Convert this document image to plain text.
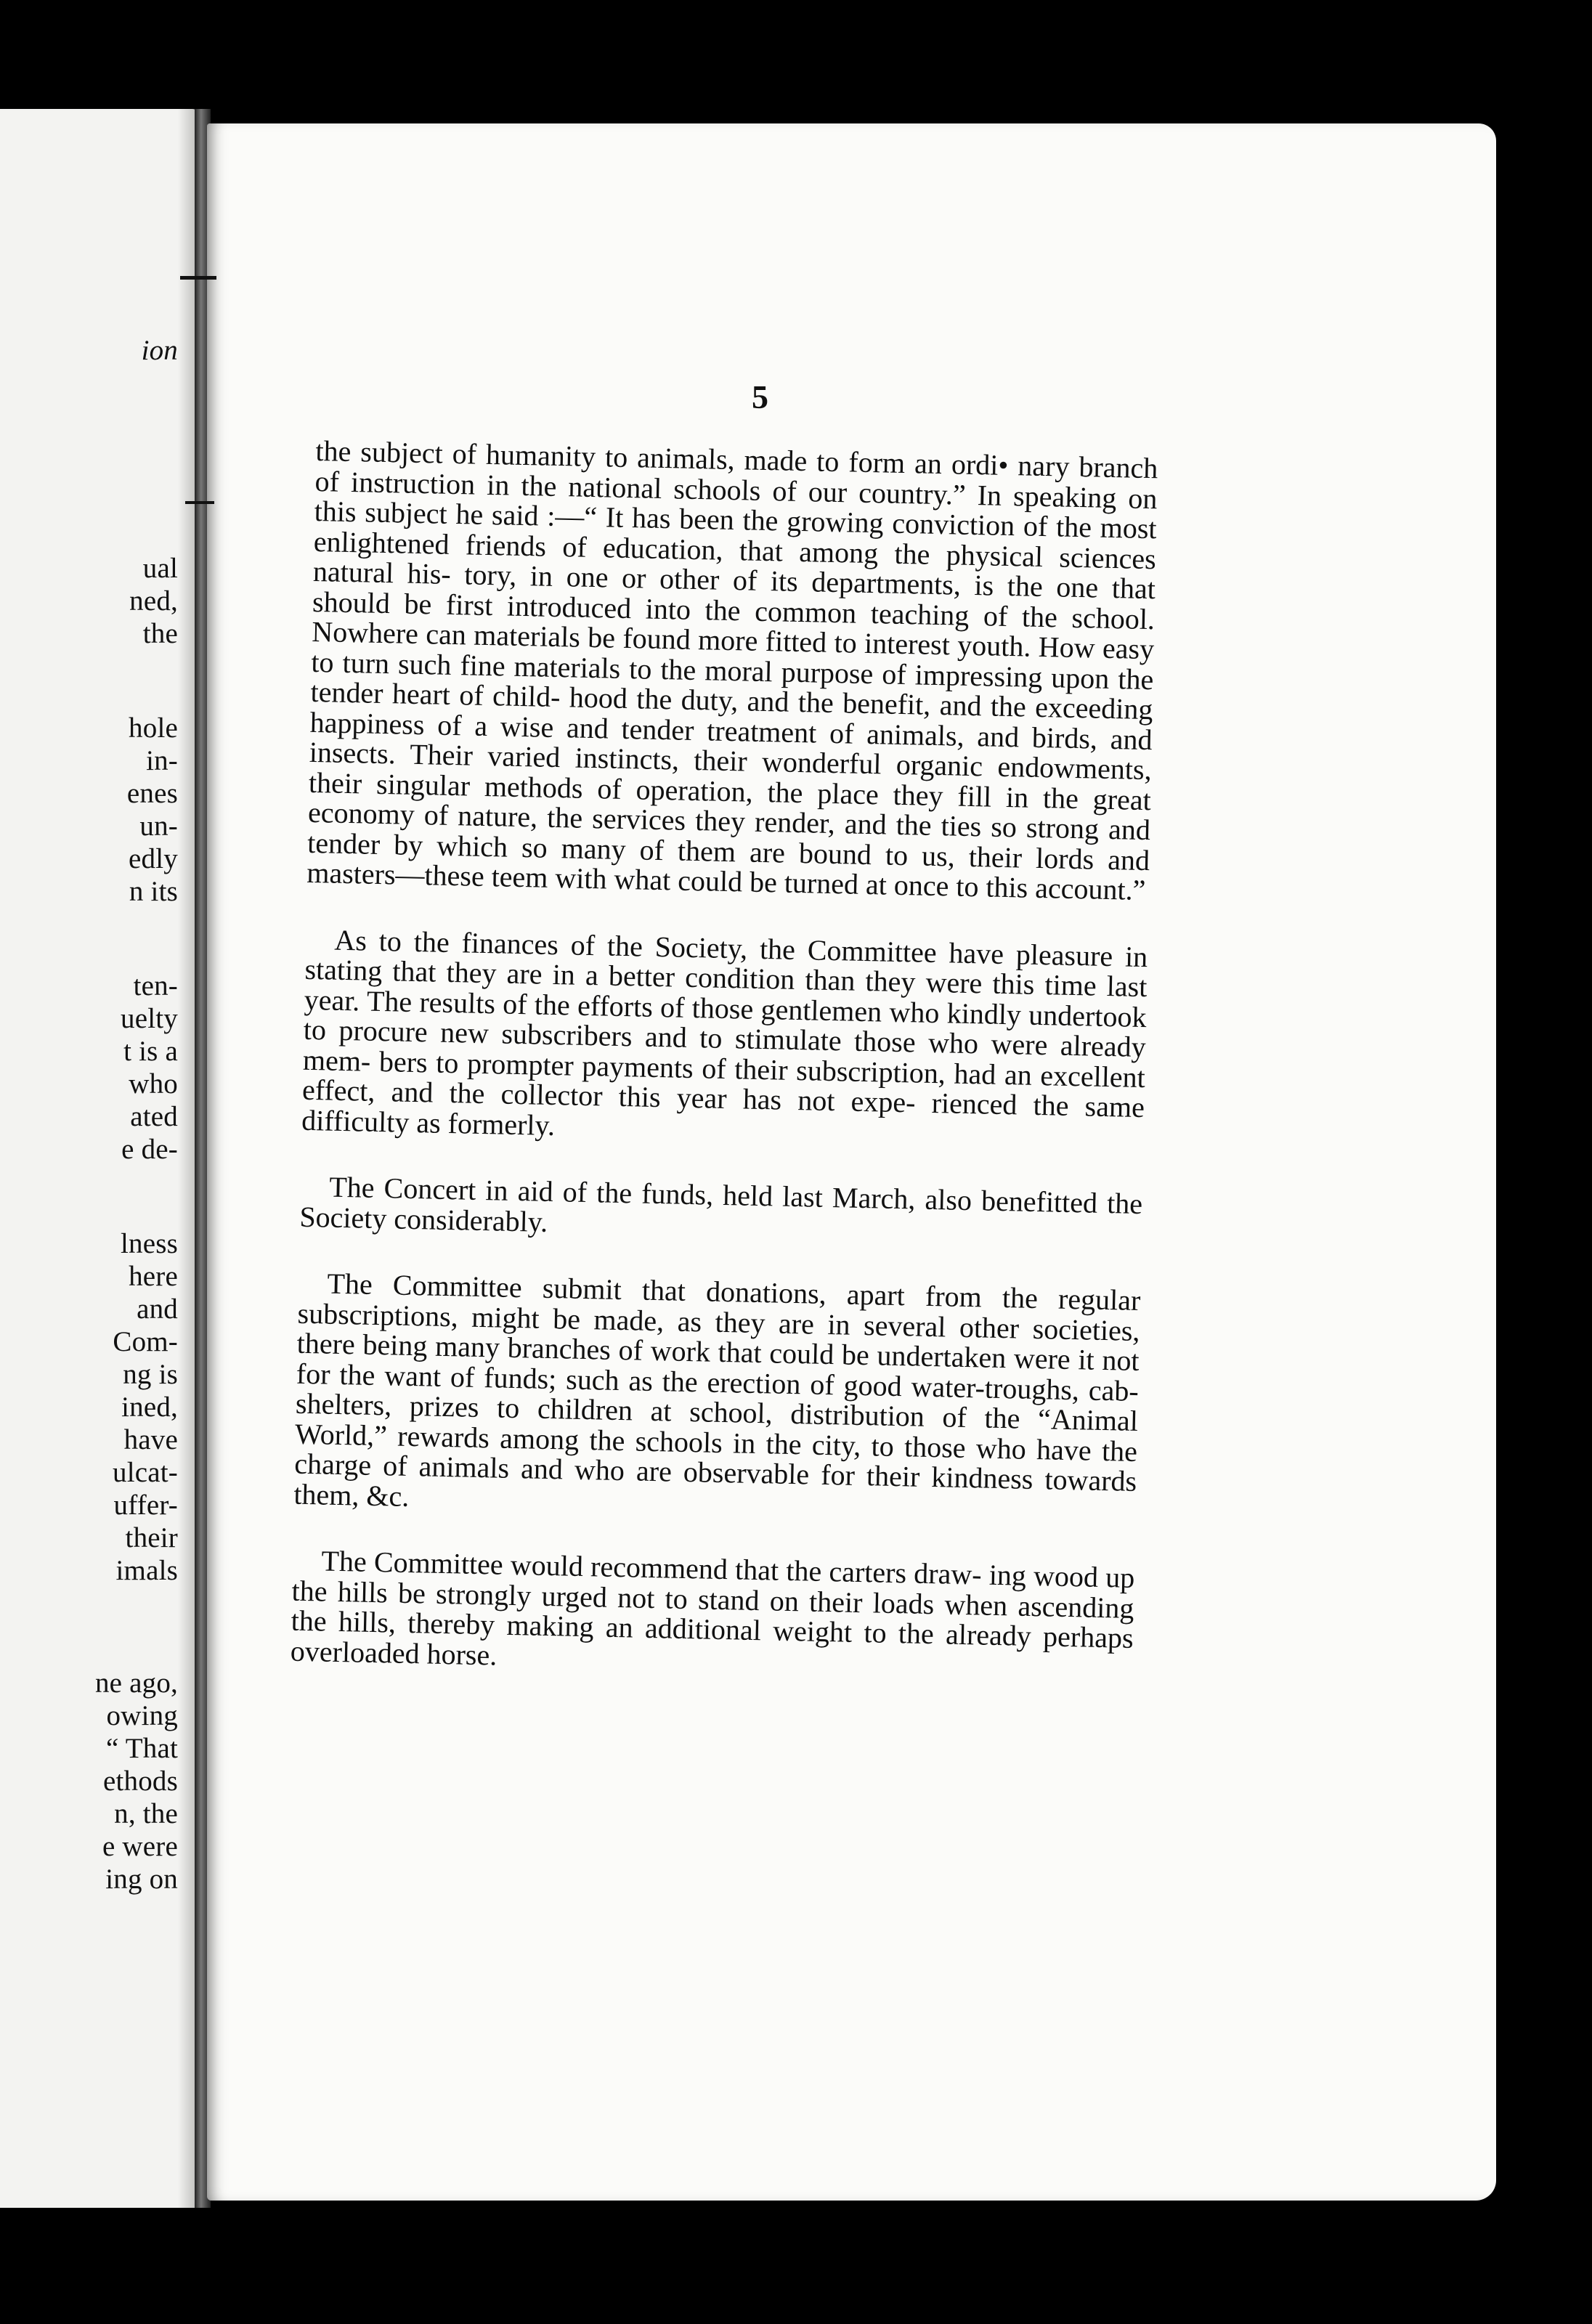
ion
ual
ned,
the
hole
in-
enes
un-
edly
n its
ten-
uelty
t is a
who
ated
e de-
lness
here
and
Com-
ng is
ined,
have
ulcat-
uffer-
their
imals
ne ago,
owing
“ That
ethods
n, the
e were
ing on
5

the subject of humanity to animals, made to form an ordi• nary branch of instruction in the national schools of our country.” In speaking on this subject he said :—“ It has been the growing conviction of the most enlightened friends of education, that among the physical sciences natural his- tory, in one or other of its departments, is the one that should be first introduced into the common teaching of the school. Nowhere can materials be found more fitted to interest youth. How easy to turn such fine materials to the moral purpose of impressing upon the tender heart of child- hood the duty, and the benefit, and the exceeding happiness of a wise and tender treatment of animals, and birds, and insects. Their varied instincts, their wonderful organic endowments, their singular methods of operation, the place they fill in the great economy of nature, the services they render, and the ties so strong and tender by which so many of them are bound to us, their lords and masters—these teem with what could be turned at once to this account.”

As to the finances of the Society, the Committee have pleasure in stating that they are in a better condition than they were this time last year. The results of the efforts of those gentlemen who kindly undertook to procure new subscribers and to stimulate those who were already mem- bers to prompter payments of their subscription, had an excellent effect, and the collector this year has not expe- rienced the same difficulty as formerly.

The Concert in aid of the funds, held last March, also benefitted the Society considerably.

The Committee submit that donations, apart from the regular subscriptions, might be made, as they are in several other societies, there being many branches of work that could be undertaken were it not for the want of funds; such as the erection of good water-troughs, cab-shelters, prizes to children at school, distribution of the “Animal World,” rewards among the schools in the city, to those who have the charge of animals and who are observable for their kindness towards them, &c.

The Committee would recommend that the carters draw- ing wood up the hills be strongly urged not to stand on their loads when ascending the hills, thereby making an additional weight to the already perhaps overloaded horse.
